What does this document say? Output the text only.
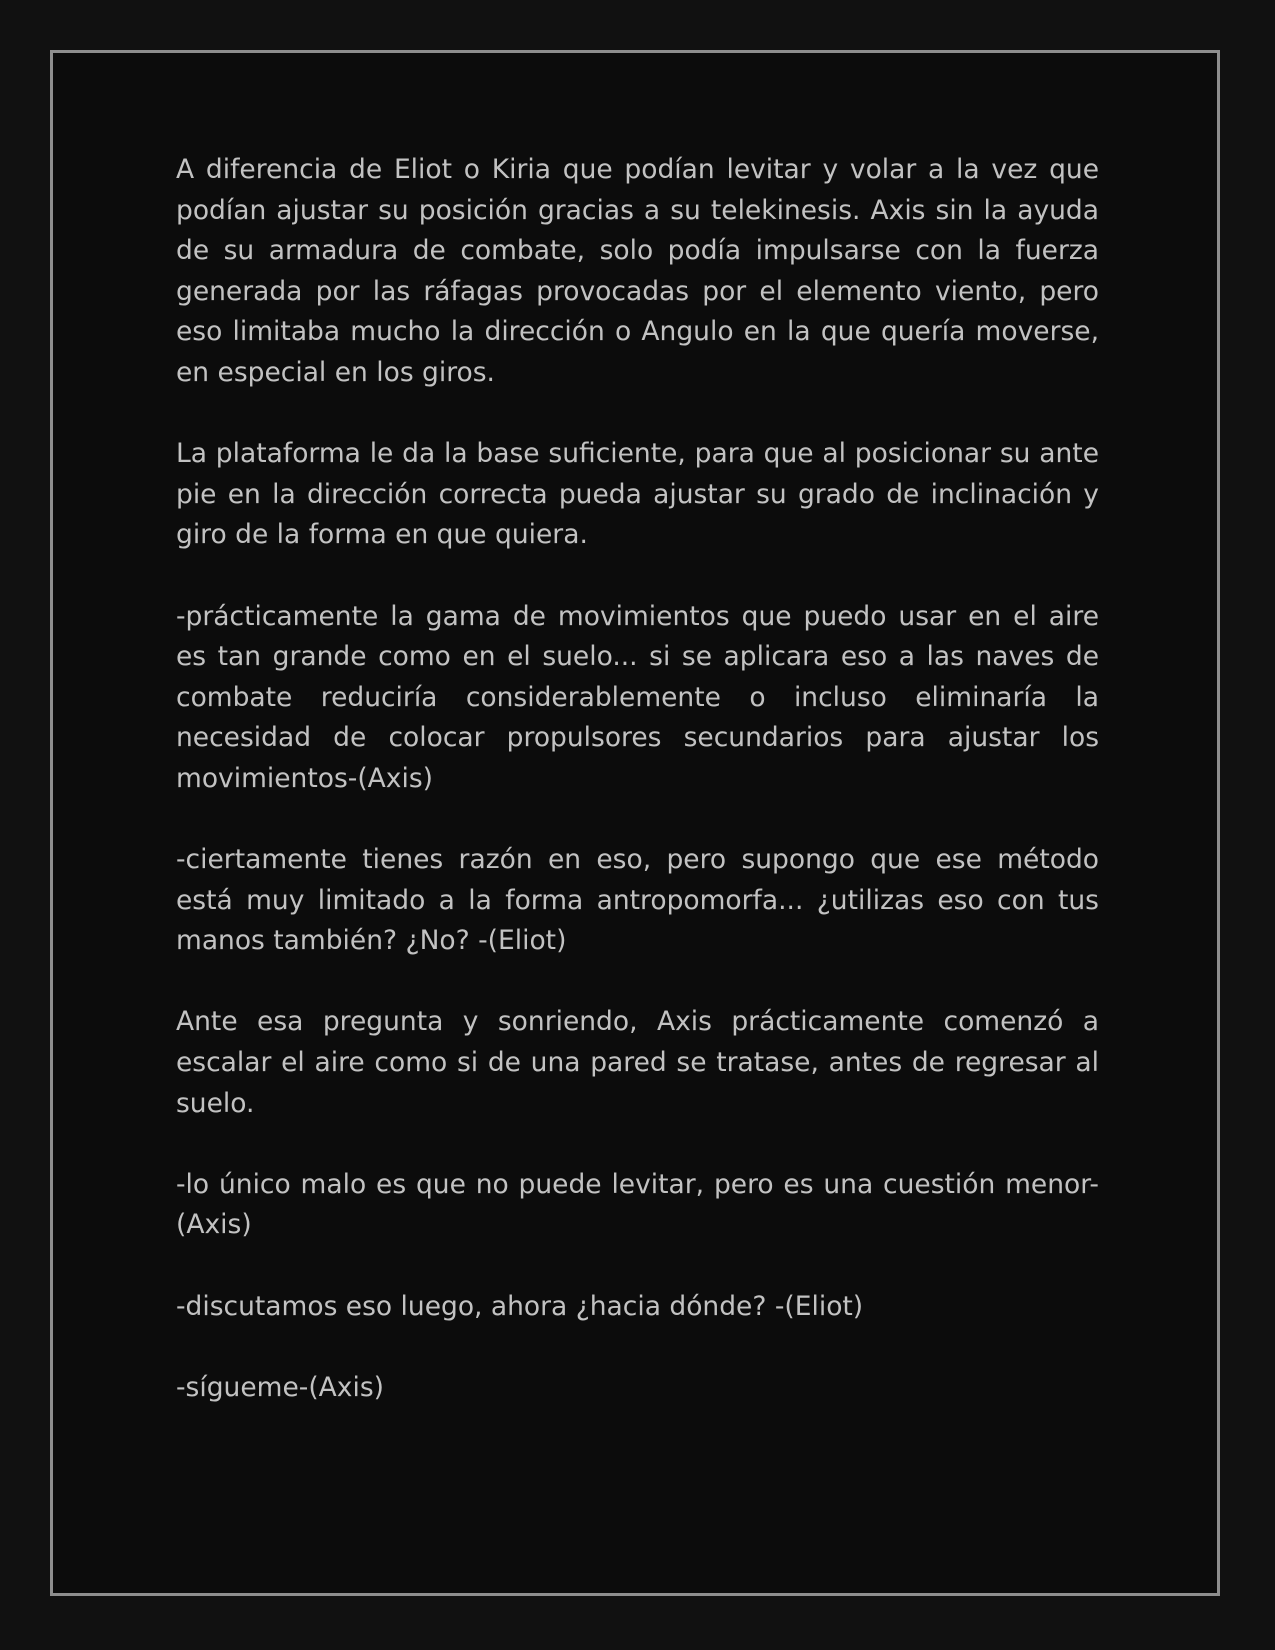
A diferencia de Eliot o Kiria que podían levitar y volar a la vez que podían ajustar su posición gracias a su telekinesis. Axis sin la ayuda de su armadura de combate, solo podía impulsarse con la fuerza generada por las ráfagas provocadas por el elemento viento, pero eso limitaba mucho la dirección o Angulo en la que quería moverse, en especial en los giros.

La plataforma le da la base suficiente, para que al posicionar su ante pie en la dirección correcta pueda ajustar su grado de inclinación y giro de la forma en que quiera.

-prácticamente la gama de movimientos que puedo usar en el aire es tan grande como en el suelo... si se aplicara eso a las naves de combate reduciría considerablemente o incluso eliminaría la necesidad de colocar propulsores secundarios para ajustar los movimientos-(Axis)

-ciertamente tienes razón en eso, pero supongo que ese método está muy limitado a la forma antropomorfa... ¿utilizas eso con tus manos también? ¿No? -(Eliot)

Ante esa pregunta y sonriendo, Axis prácticamente comenzó a escalar el aire como si de una pared se tratase, antes de regresar al suelo.

-lo único malo es que no puede levitar, pero es una cuestión menor-(Axis)

-discutamos eso luego, ahora ¿hacia dónde? -(Eliot)

-sígueme-(Axis)
